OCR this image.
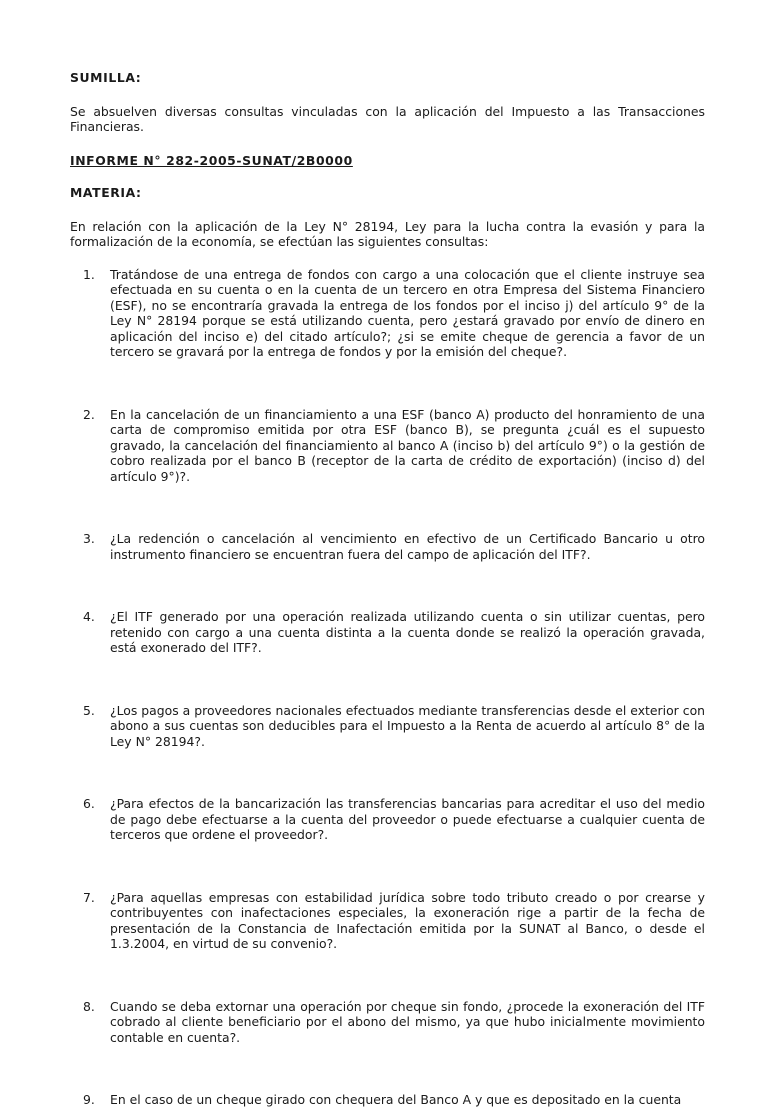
SUMILLA:

Se absuelven diversas consultas vinculadas con la aplicación del Impuesto a las Transacciones Financieras.

INFORME N° 282-2005-SUNAT/2B0000

MATERIA:

En relación con la aplicación de la Ley N° 28194, Ley para la lucha contra la evasión y para la formalización de la economía, se efectúan las siguientes consultas:

1. Tratándose de una entrega de fondos con cargo a una colocación que el cliente instruye sea efectuada en su cuenta o en la cuenta de un tercero en otra Empresa del Sistema Financiero (ESF), no se encontraría gravada la entrega de los fondos por el inciso j) del artículo 9° de la Ley N° 28194 porque se está utilizando cuenta, pero ¿estará gravado por envío de dinero en aplicación del inciso e) del citado artículo?; ¿si se emite cheque de gerencia a favor de un tercero se gravará por la entrega de fondos y por la emisión del cheque?.
2. En la cancelación de un financiamiento a una ESF (banco A) producto del honramiento de una carta de compromiso emitida por otra ESF (banco B), se pregunta ¿cuál es el supuesto gravado, la cancelación del financiamiento al banco A (inciso b) del artículo 9°) o la gestión de cobro realizada por el banco B (receptor de la carta de crédito de exportación) (inciso d) del artículo 9°)?.
3. ¿La redención o cancelación al vencimiento en efectivo de un Certificado Bancario u otro instrumento financiero se encuentran fuera del campo de aplicación del ITF?.
4. ¿El ITF generado por una operación realizada utilizando cuenta o sin utilizar cuentas, pero retenido con cargo a una cuenta distinta a la cuenta donde se realizó la operación gravada, está exonerado del ITF?.
5. ¿Los pagos a proveedores nacionales efectuados mediante transferencias desde el exterior con abono a sus cuentas son deducibles para el Impuesto a la Renta de acuerdo al artículo 8° de la Ley N° 28194?.
6. ¿Para efectos de la bancarización las transferencias bancarias para acreditar el uso del medio de pago debe efectuarse a la cuenta del proveedor o puede efectuarse a cualquier cuenta de terceros que ordene el proveedor?.
7. ¿Para aquellas empresas con estabilidad jurídica sobre todo tributo creado o por crearse y contribuyentes con inafectaciones especiales, la exoneración rige a partir de la fecha de presentación de la Constancia de Inafectación emitida por la SUNAT al Banco, o desde el 1.3.2004, en virtud de su convenio?.
8. Cuando se deba extornar una operación por cheque sin fondo, ¿procede la exoneración del ITF cobrado al cliente beneficiario por el abono del mismo, ya que hubo inicialmente movimiento contable en cuenta?.
9. En el caso de un cheque girado con chequera del Banco A y que es depositado en la cuenta
